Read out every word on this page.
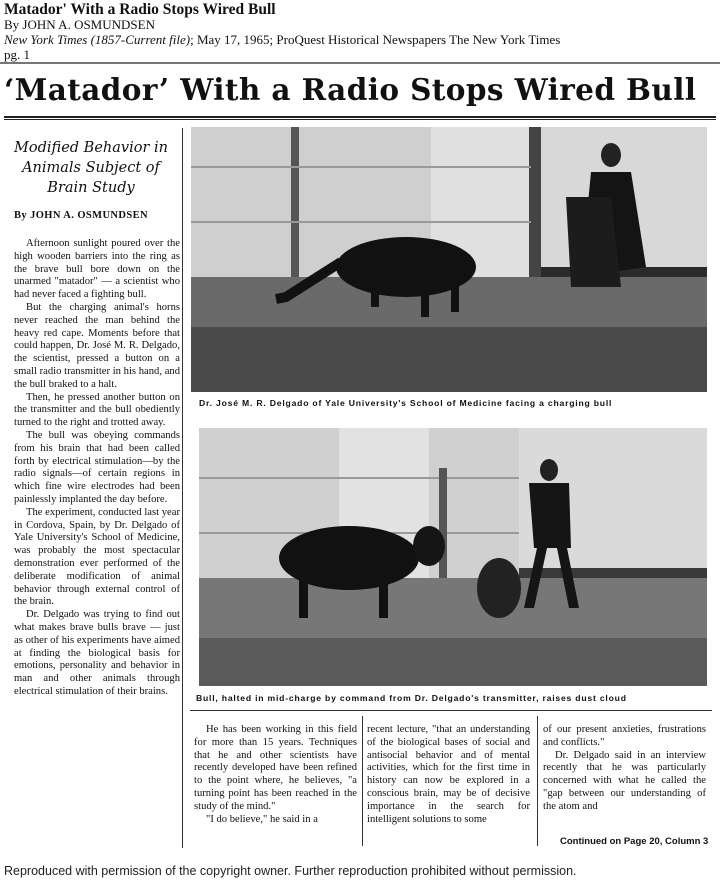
Matador' With a Radio Stops Wired Bull
By JOHN A. OSMUNDSEN
New York Times (1857-Current file); May 17, 1965; ProQuest Historical Newspapers The New York Times
pg. 1
‘Matador’ With a Radio Stops Wired Bull
Modified Behavior in Animals Subject of Brain Study
By JOHN A. OSMUNDSEN

Afternoon sunlight poured over the high wooden barriers into the ring as the brave bull bore down on the unarmed "matador" — a scientist who had never faced a fighting bull.

But the charging animal's horns never reached the man behind the heavy red cape. Moments before that could happen, Dr. José M. R. Delgado, the scientist, pressed a button on a small radio transmitter in his hand, and the bull braked to a halt.

Then, he pressed another button on the transmitter and the bull obediently turned to the right and trotted away.

The bull was obeying commands from his brain that had been called forth by electrical stimulation—by the radio signals—of certain regions in which fine wire electrodes had been painlessly implanted the day before.

The experiment, conducted last year in Cordova, Spain, by Dr. Delgado of Yale University's School of Medicine, was probably the most spectacular demonstration ever performed of the deliberate modification of animal behavior through external control of the brain.

Dr. Delgado was trying to find out what makes brave bulls brave — just as other of his experiments have aimed at finding the biological basis for emotions, personality and behavior in man and other animals through electrical stimulation of their brains.

Dr. José M. R. Delgado of Yale University's School of Medicine facing a charging bull
Bull, halted in mid-charge by command from Dr. Delgado's transmitter, raises dust cloud

He has been working in this field for more than 15 years. Techniques that he and other scientists have recently developed have been refined to the point where, he believes, "a turning point has been reached in the study of the mind."

"I do believe," he said in a

recent lecture, "that an understanding of the biological bases of social and antisocial behavior and of mental activities, which for the first time in history can now be explored in a conscious brain, may be of decisive importance in the search for intelligent solutions to some

of our present anxieties, frustrations and conflicts."

Dr. Delgado said in an interview recently that he was particularly concerned with what he called the "gap between our understanding of the atom and

Continued on Page 20, Column 3
Reproduced with permission of the copyright owner. Further reproduction prohibited without permission.
